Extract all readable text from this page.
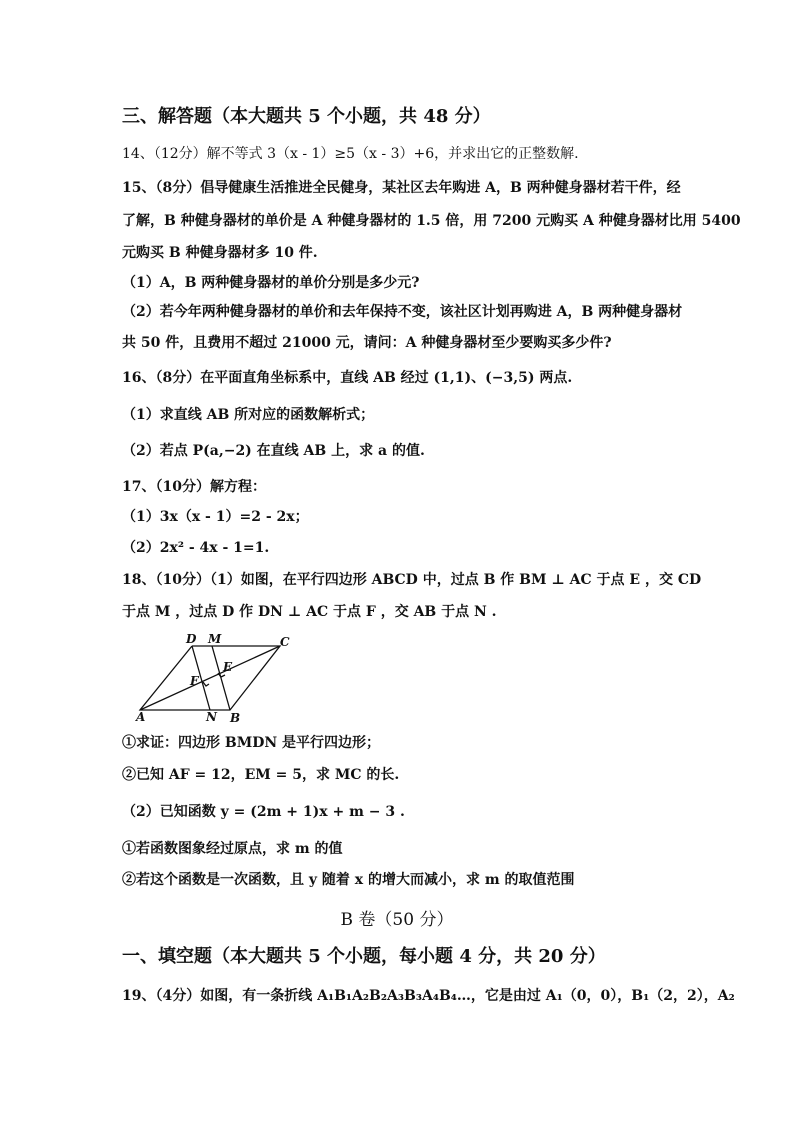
三、解答题（本大题共 5 个小题，共 48 分）
14、（12分）解不等式 3（x - 1）≥5（x - 3）+6，并求出它的正整数解.
15、（8分）倡导健康生活推进全民健身，某社区去年购进 A，B 两种健身器材若干件，经
了解，B 种健身器材的单价是 A 种健身器材的 1.5 倍，用 7200 元购买 A 种健身器材比用 5400
元购买 B 种健身器材多 10 件.
（1）A，B 两种健身器材的单价分别是多少元?
（2）若今年两种健身器材的单价和去年保持不变，该社区计划再购进 A，B 两种健身器材
共 50 件，且费用不超过 21000 元，请问：A 种健身器材至少要购买多少件?
16、（8分）在平面直角坐标系中，直线 AB 经过 (1,1)、(−3,5) 两点.
（1）求直线 AB 所对应的函数解析式；
（2）若点 P(a,−2) 在直线 AB 上，求 a 的值.
17、（10分）解方程：
（1）3x（x - 1）=2 - 2x；
（2）2x² - 4x - 1=1.
18、（10分）（1）如图，在平行四边形 ABCD 中，过点 B 作 BM ⊥ AC 于点 E ，交 CD
于点 M ，过点 D 作 DN ⊥ AC 于点 F ，交 AB 于点 N .
D M	C
E
F
A	N B
①求证：四边形 BMDN 是平行四边形；
②已知 AF = 12，EM = 5，求 MC 的长.
（2）已知函数 y = (2m + 1)x + m − 3 .
①若函数图象经过原点，求 m 的值
②若这个函数是一次函数，且 y 随着 x 的增大而减小，求 m 的取值范围
B 卷（50 分）
一、填空题（本大题共 5 个小题，每小题 4 分，共 20 分）
19、（4分）如图，有一条折线 A₁B₁A₂B₂A₃B₃A₄B₄…，它是由过 A₁（0，0），B₁（2，2），A₂
